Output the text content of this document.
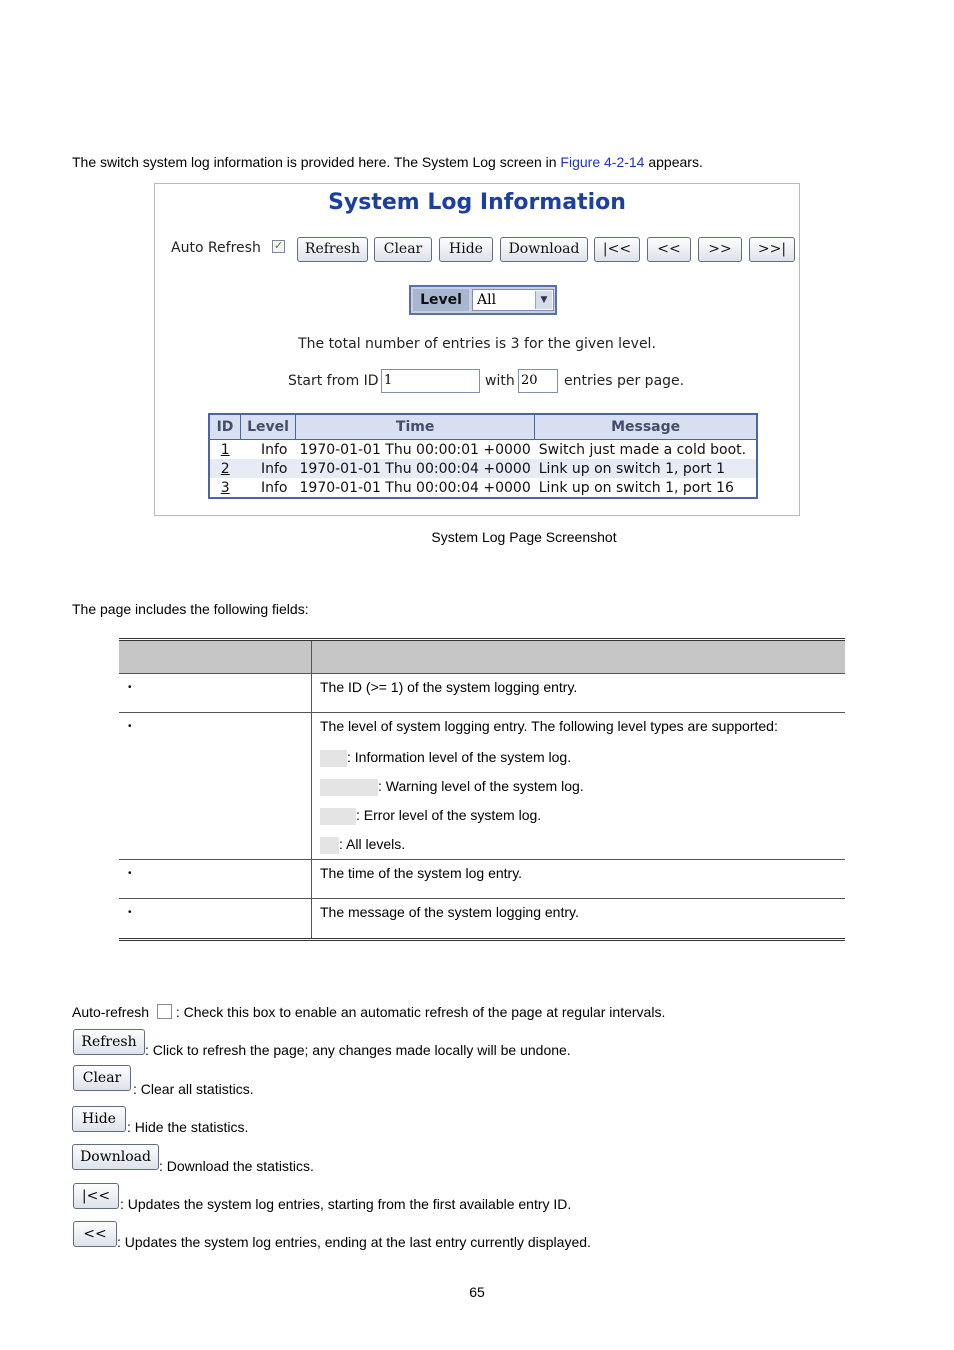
The switch system log information is provided here. The System Log screen in Figure 4-2-14 appears.
System Log Information
Auto Refresh ✓	Refresh	Clear	Hide	Download	|<<	<<	>>	>>|
Level	All	▼
The total number of entries is 3 for the given level.
Start from ID 1	with 20	entries per page.
ID	Level	Time	Message
1	Info	1970-01-01 Thu 00:00:01 +0000	Switch just made a cold boot.
2	Info	1970-01-01 Thu 00:00:04 +0000	Link up on switch 1, port 1
3	Info	1970-01-01 Thu 00:00:04 +0000	Link up on switch 1, port 16
System Log Page Screenshot
The page includes the following fields:
•	The ID (>= 1) of the system logging entry.
•	The level of system logging entry. The following level types are supported:
: Information level of the system log.
: Warning level of the system log.
: Error level of the system log.
: All levels.
•	The time of the system log entry.
•	The message of the system logging entry.
Auto-refresh  : Check this box to enable an automatic refresh of the page at regular intervals.
Refresh : Click to refresh the page; any changes made locally will be undone.
Clear
: Clear all statistics.
Hide : Hide the statistics.
Download
: Download the statistics.
|<< : Updates the system log entries, starting from the first available entry ID.
<< : Updates the system log entries, ending at the last entry currently displayed.
65
